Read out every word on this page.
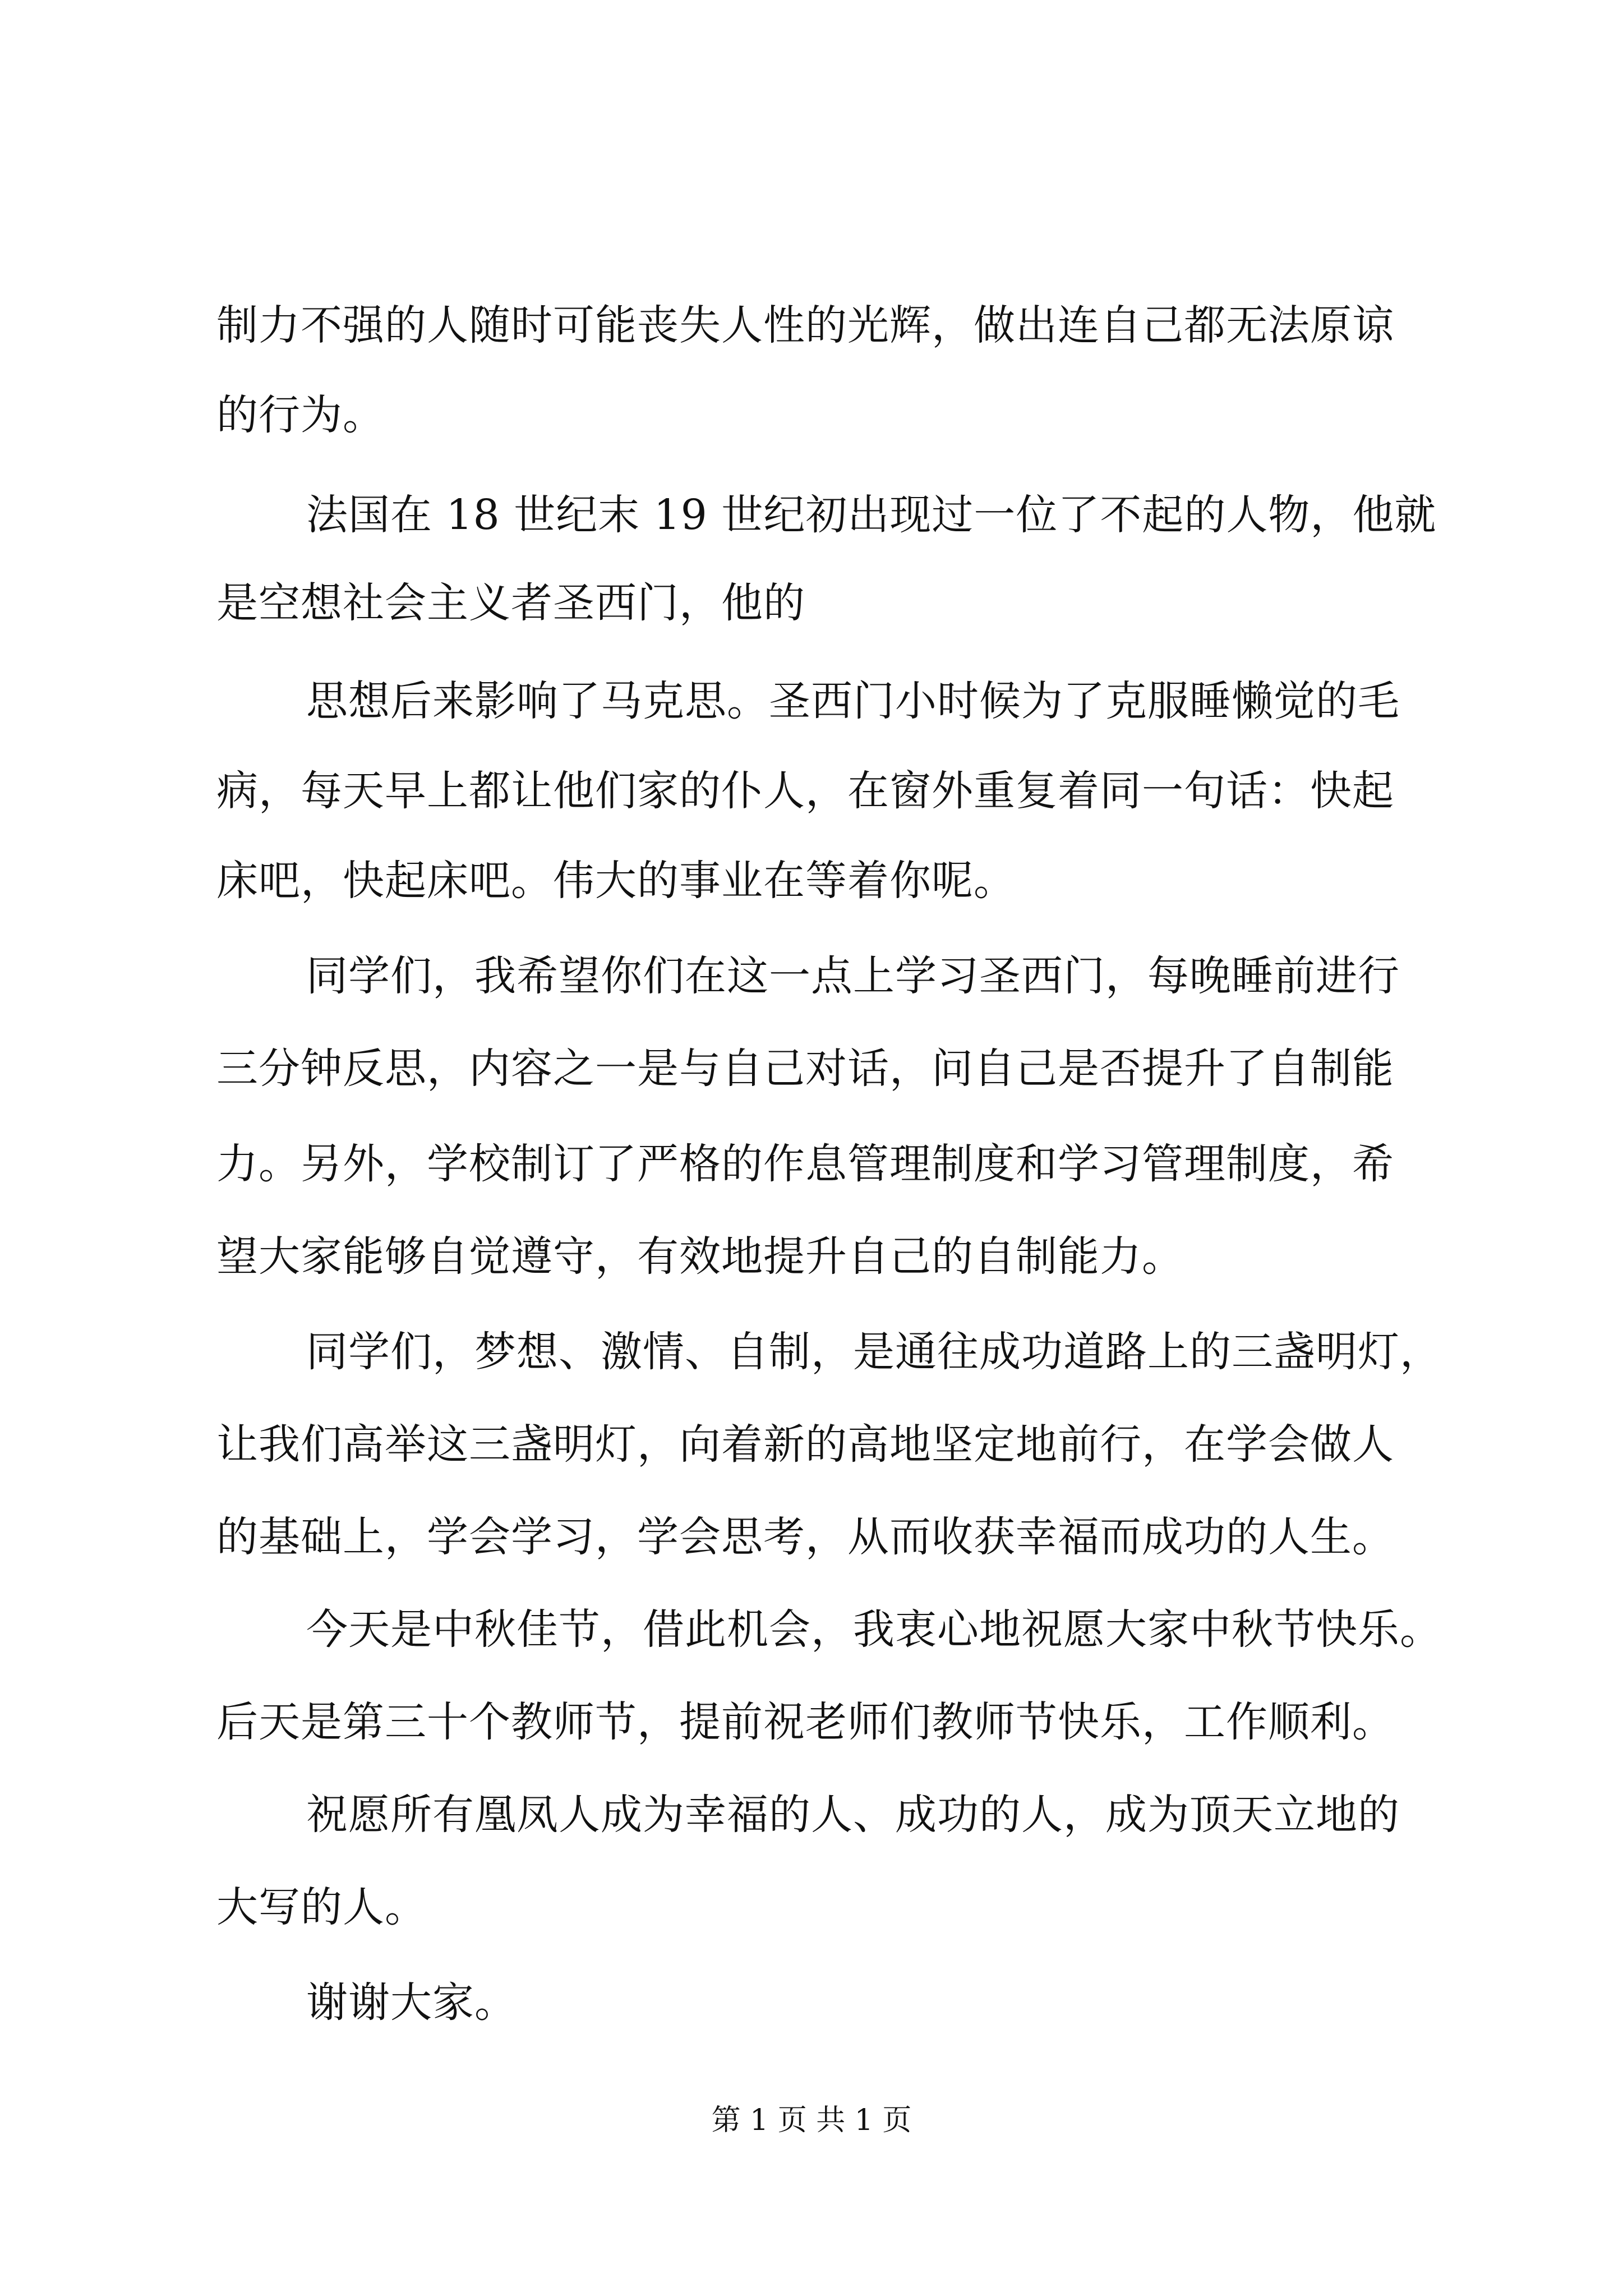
制力不强的人随时可能丧失人性的光辉，做出连自己都无法原谅
的行为。
法国在 18 世纪末 19 世纪初出现过一位了不起的人物，他就
是空想社会主义者圣西门，他的
思想后来影响了马克思。圣西门小时候为了克服睡懒觉的毛
病，每天早上都让他们家的仆人，在窗外重复着同一句话：快起
床吧，快起床吧。伟大的事业在等着你呢。
同学们，我希望你们在这一点上学习圣西门，每晚睡前进行
三分钟反思，内容之一是与自己对话，问自己是否提升了自制能
力。另外，学校制订了严格的作息管理制度和学习管理制度，希
望大家能够自觉遵守，有效地提升自己的自制能力。
同学们，梦想、激情、自制，是通往成功道路上的三盏明灯，
让我们高举这三盏明灯，向着新的高地坚定地前行，在学会做人
的基础上，学会学习，学会思考，从而收获幸福而成功的人生。
今天是中秋佳节，借此机会，我衷心地祝愿大家中秋节快乐。
后天是第三十个教师节，提前祝老师们教师节快乐，工作顺利。
祝愿所有凰凤人成为幸福的人、成功的人，成为顶天立地的
大写的人。
谢谢大家。
第 1 页 共 1 页
